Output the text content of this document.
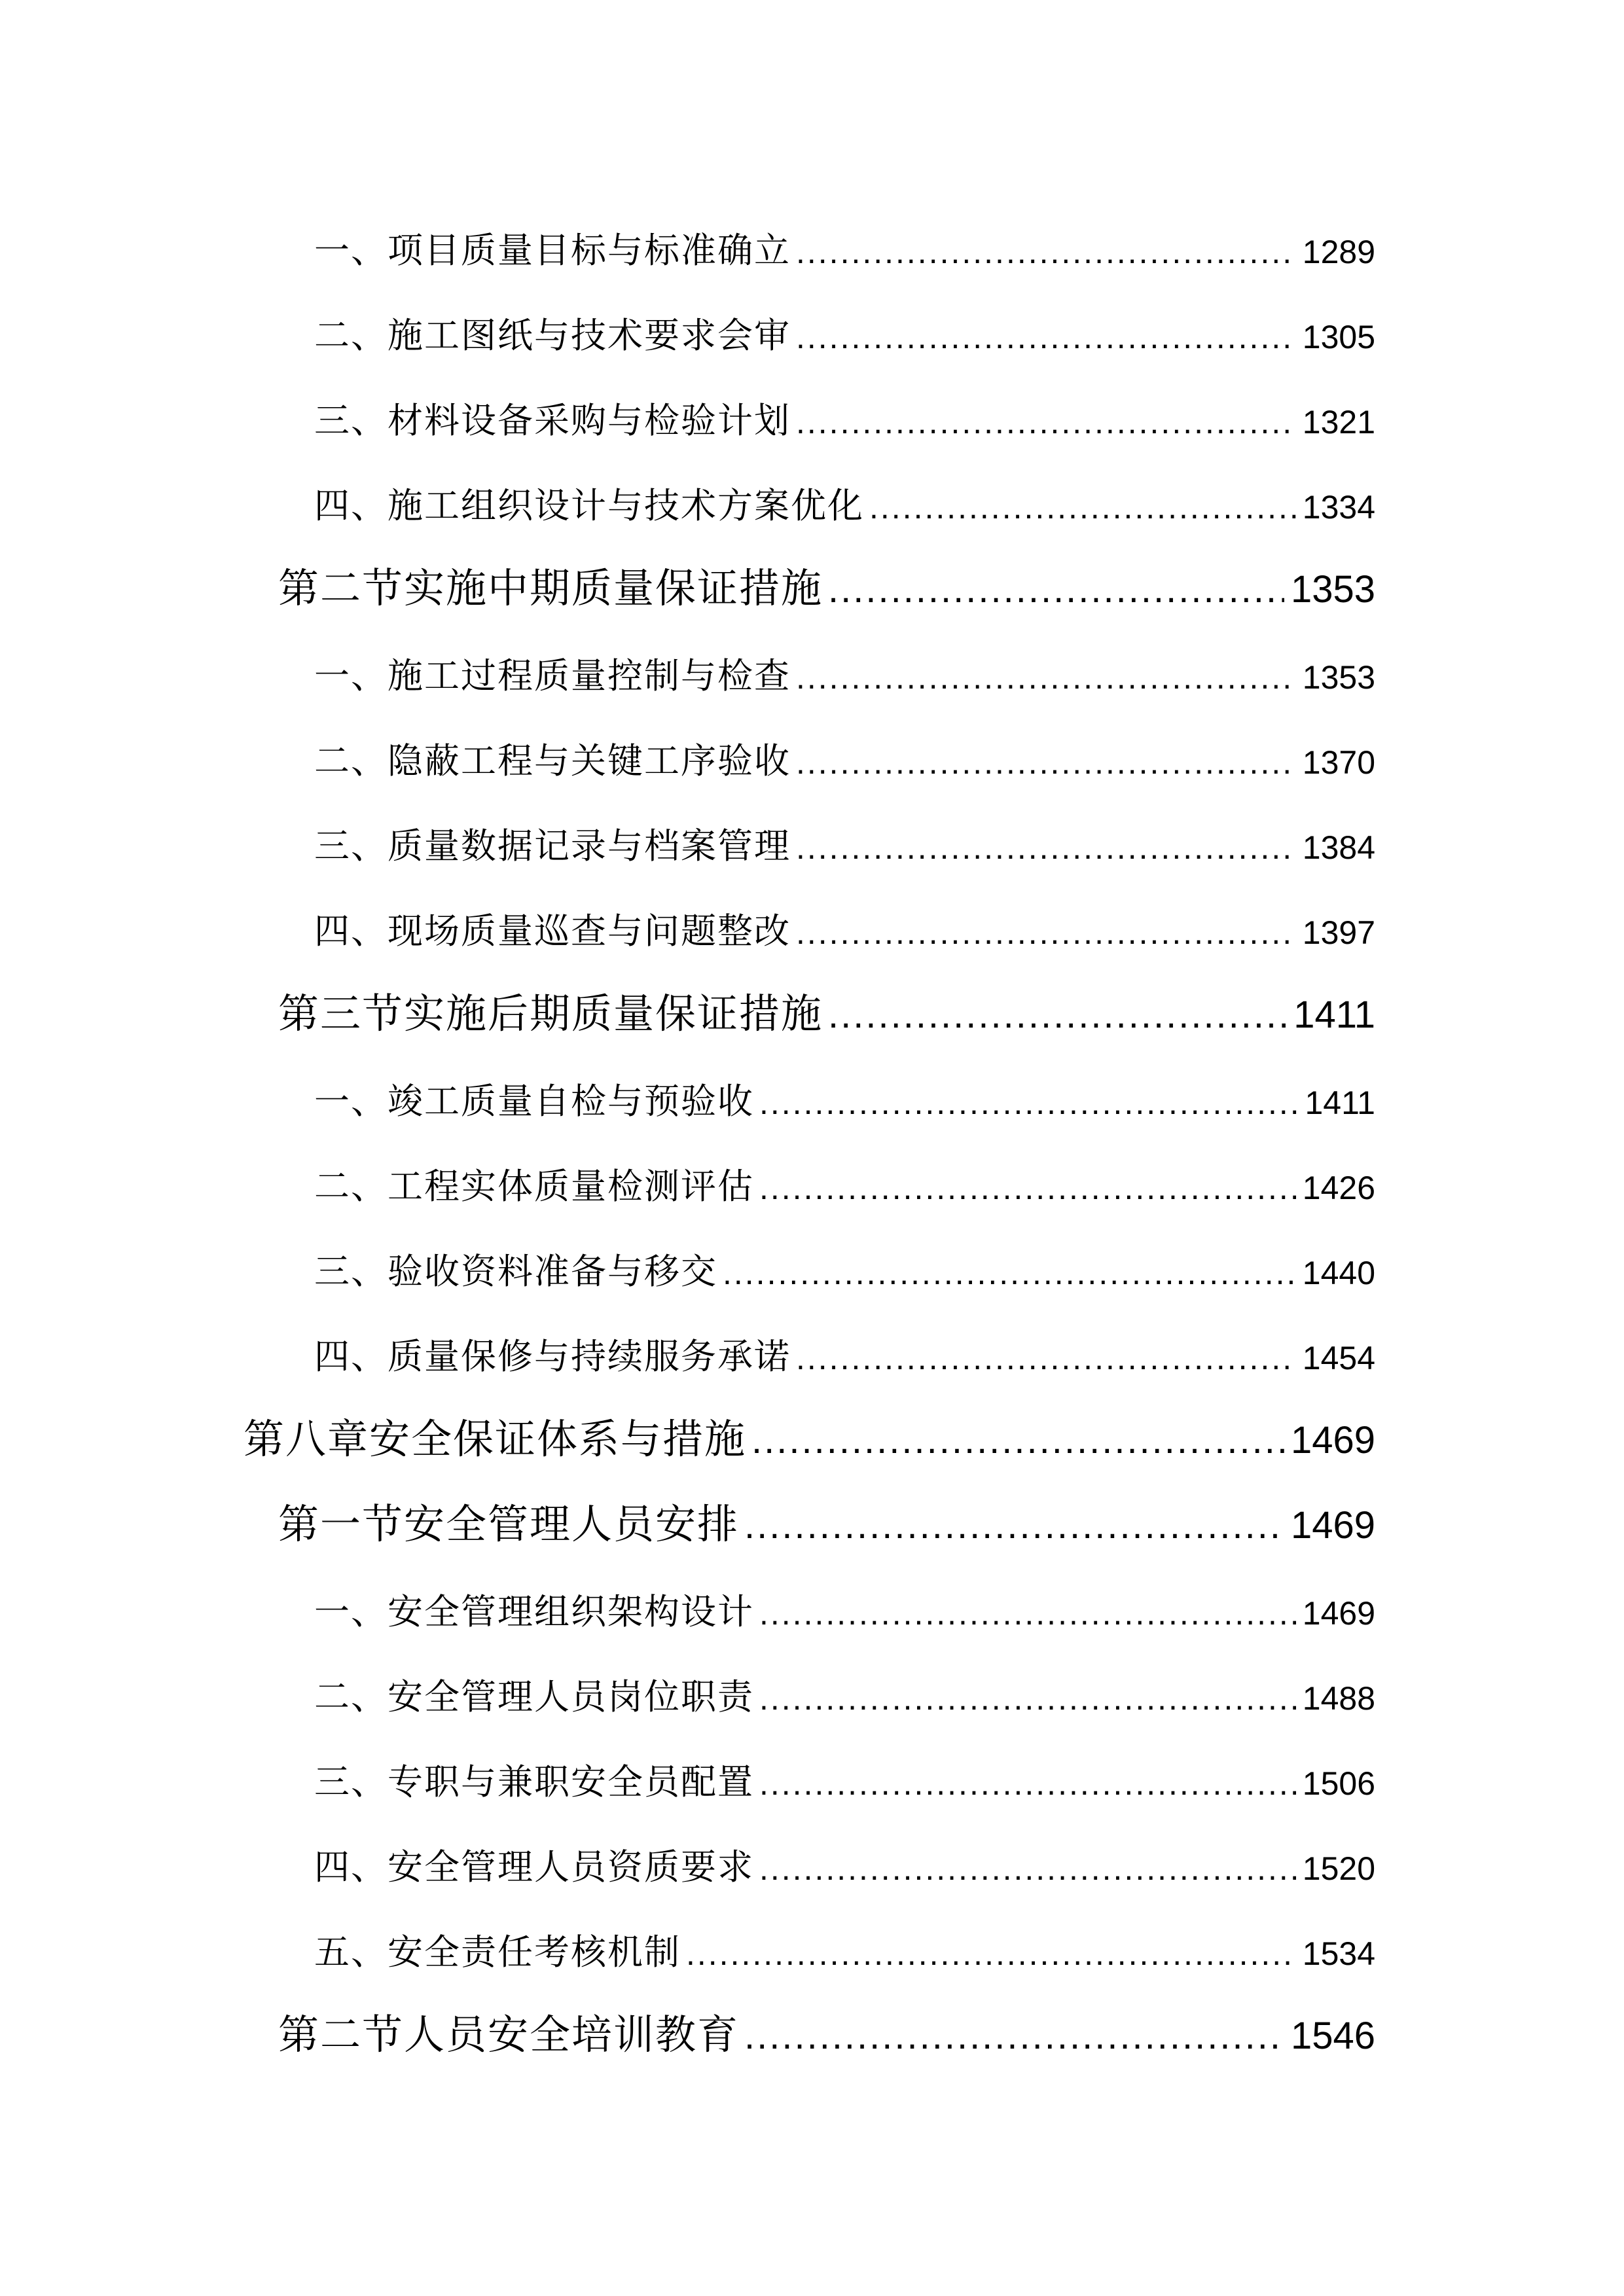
一、项目质量目标与标准确立 .....	1289
二、施工图纸与技术要求会审 .....	1305
三、材料设备采购与检验计划 .....	1321
四、施工组织设计与技术方案优化 .....	1334
第二节实施中期质量保证措施 .....	1353
一、施工过程质量控制与检查 .....	1353
二、隐蔽工程与关键工序验收 .....	1370
三、质量数据记录与档案管理 .....	1384
四、现场质量巡查与问题整改 .....	1397
第三节实施后期质量保证措施 .....	1411
一、竣工质量自检与预验收 .....	1411
二、工程实体质量检测评估 .....	1426
三、验收资料准备与移交 .....	1440
四、质量保修与持续服务承诺 .....	1454
第八章安全保证体系与措施 .....	1469
第一节安全管理人员安排 .....	1469
一、安全管理组织架构设计 .....	1469
二、安全管理人员岗位职责 .....	1488
三、专职与兼职安全员配置 .....	1506
四、安全管理人员资质要求 .....	1520
五、安全责任考核机制 .....	1534
第二节人员安全培训教育 .....	1546
